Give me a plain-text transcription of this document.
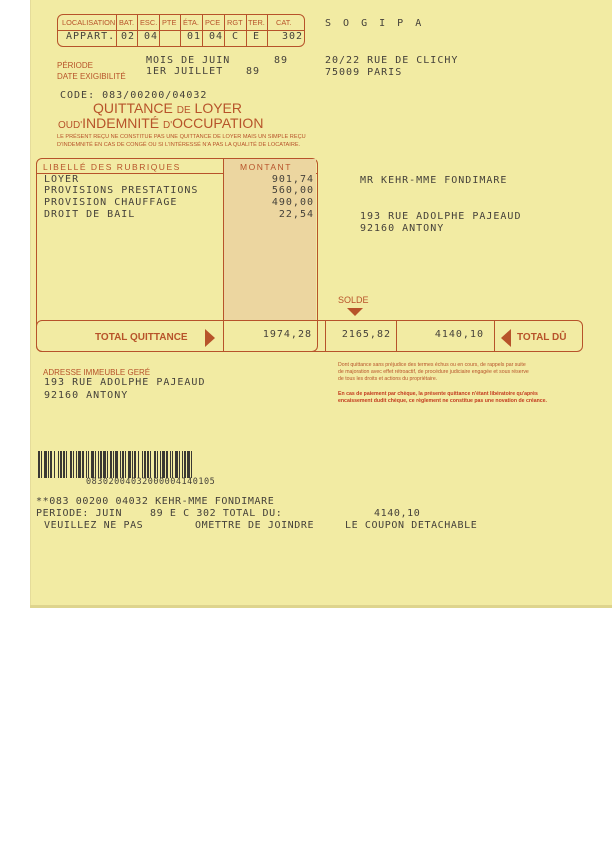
LOCALISATION BAT. ESC. PTE ÉTA. PCE RGT TER. CAT.
APPART. 02 04	01 04 C E 302
S O G I P A
20/22 RUE DE CLICHY
75009 PARIS
PÉRIODE
DATE EXIGIBILITÉ
MOIS DE JUIN	89
1ER JUILLET 89
CODE: 083/00200/04032
QUITTANCE DE LOYER
OUD'INDEMNITÉ D'OCCUPATION
LE PRÉSENT REÇU NE CONSTITUE PAS UNE QUITTANCE DE LOYER MAIS UN SIMPLE REÇU
D'INDEMNITÉ EN CAS DE CONGÉ OU SI L'INTÉRESSÉ N'A PAS LA QUALITÉ DE LOCATAIRE.
LIBELLÉ DES RUBRIQUES	MONTANT
LOYER	901,74
PROVISIONS PRESTATIONS	560,00
PROVISION CHAUFFAGE	490,00
DROIT DE BAIL	22,54
MR KEHR-MME FONDIMARE
193 RUE ADOLPHE PAJEAUD
92160 ANTONY
SOLDE
TOTAL QUITTANCE	1974,28	2165,82	4140,10	TOTAL DÛ
ADRESSE IMMEUBLE GERÉ
193 RUE ADOLPHE PAJEAUD
92160 ANTONY
Dont quittance sans préjudice des termes échus ou en cours, de rappels par suite
de majoration avec effet rétroactif, de procédure judiciaire engagée et sous réserve
de tous les droits et actions du propriétaire.
En cas de paiement par chèque, la présente quittance n'étant libératoire qu'après
encaissement dudit chèque, ce règlement ne constitue pas une novation de créance.
08302004032000004140105
**083 00200 04032 KEHR-MME FONDIMARE
PERIODE: JUIN	89 E C 302 TOTAL DU:	4140,10
VEUILLEZ NE PAS	OMETTRE DE JOINDRE	LE COUPON DETACHABLE
